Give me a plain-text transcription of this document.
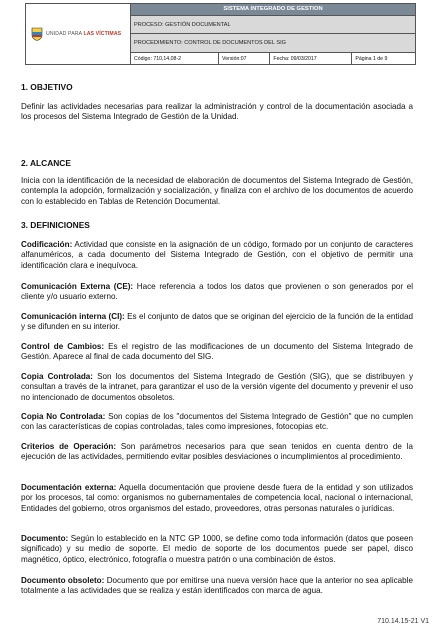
UNIDAD PARA LAS VÍCTIMAS	SISTEMA INTEGRADO DE GESTION			
	PROCESO: GESTIÓN DOCUMENTAL			
	PROCEDIMIENTO: CONTROL DE DOCUMENTOS DEL SIG			
	Código: 710,14,08-2	Versión:07	Fecha: 09/03/2017	Página 1 de 9
1. OBJETIVO

Definir las actividades necesarias para realizar la administración y control de la documentación asociada a los procesos del Sistema Integrado de Gestión de la Unidad.

2. ALCANCE

Inicia con la identificación de la necesidad de elaboración de documentos del Sistema Integrado de Gestión, contempla la adopción, formalización y socialización, y finaliza con el archivo de los documentos de acuerdo con lo establecido en Tablas de Retención Documental.

3. DEFINICIONES

Codificación: Actividad que consiste en la asignación de un código, formado por un conjunto de caracteres alfanuméricos, a cada documento del Sistema Integrado de Gestión, con el objetivo de permitir una identificación clara e inequívoca.

Comunicación Externa (CE): Hace referencia a todos los datos que provienen o son generados por el cliente y/o usuario externo.

Comunicación interna (CI): Es el conjunto de datos que se originan del ejercicio de la función de la entidad y se difunden en su interior.

Control de Cambios: Es el registro de las modificaciones de un documento del Sistema Integrado de Gestión. Aparece al final de cada documento del SIG.

Copia Controlada: Son los documentos del Sistema Integrado de Gestión (SIG), que se distribuyen y consultan a través de la intranet, para garantizar el uso de la versión vigente del documento y prevenir el uso no intencionado de documentos obsoletos.

Copia No Controlada: Son copias de los "documentos del Sistema Integrado de Gestión" que no cumplen con las características de copias controladas, tales como impresiones, fotocopias etc.

Criterios de Operación: Son parámetros necesarios para que sean tenidos en cuenta dentro de la ejecución de las actividades, permitiendo evitar posibles desviaciones o incumplimientos al procedimiento.

Documentación externa: Aquella documentación que proviene desde fuera de la entidad y son utilizados por los procesos, tal como: organismos no gubernamentales de competencia local, nacional o internacional, Entidades del gobierno, otros organismos del estado, proveedores, otras personas naturales o jurídicas.

Documento: Según lo establecido en la NTC GP 1000, se define como toda información (datos que poseen significado) y su medio de soporte. El medio de soporte de los documentos puede ser papel, disco magnético, óptico, electrónico, fotografía o muestra patrón o una combinación de éstos.

Documento obsoleto: Documento que por emitirse una nueva versión hace que la anterior no sea aplicable totalmente a las actividades que se realiza y están identificados con marca de agua.

710.14.15-21 V1
